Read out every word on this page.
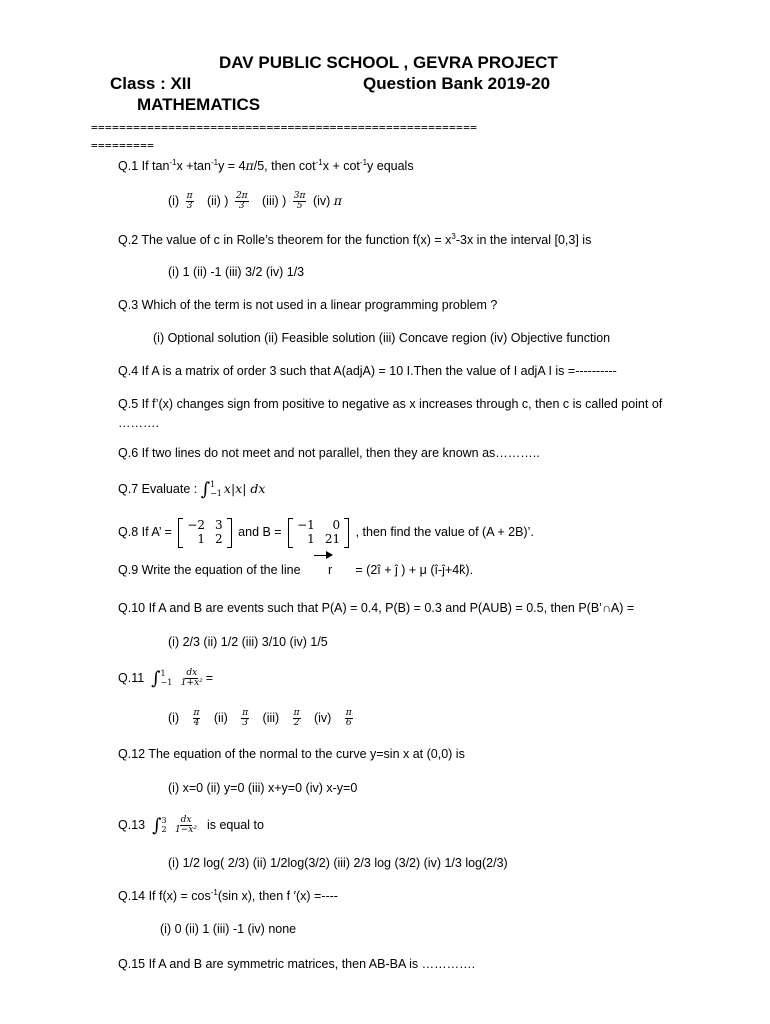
DAV PUBLIC SCHOOL , GEVRA PROJECT
Class : XII	Question Bank 2019-20
MATHEMATICS
=======================================================
=========
Q.1 If $\tan^{-1}x +\tan^{-1}y = 4\pi/5$, then $\cot^{-1}x + \cot^{-1}y$ equals
$(i) \frac{\pi}{3} (ii)$ ) $\frac{2\pi}{3} (iii)$ ) $\frac{3\pi}{5} (iv)$ π
Q.2 The value of c in Rolle’s theorem for the function $f(x) = x^3-3x$ in the interval [0,3] is
(i) 1 (ii) -1 (iii) 3/2 (iv) 1/3
Q.3 Which of the term is not used in a linear programming problem ?
(i) Optional solution (ii) Feasible solution (iii) Concave region (iv) Objective function
Q.4 If A is a matrix of order 3 such that A(adjA) = 10 I.Then the value of I adjA I is =----------
Q.5 If f’(x) changes sign from positive to negative as x increases through c, then c is called point of
……….
Q.6 If two lines do not meet and not parallel, then they are known as………..
Q.7 Evaluate : ∫ 1
−1 x|x| dx
Q.8 If A’ =
−2 3
1 2 and B =
−1	0
1 21 , then find the value of (A + 2B)’.
Q.9 Write the equation of the line r = (2î + ĵ ) + μ (î-ĵ+4k̂).
Q.10 If A and B are events such that P(A) = 0.4, P(B) = 0.3 and P(AUB) = 0.5, then P(B’∩A) =
(i) 2/3 (ii) 1/2 (iii) 3/10 (iv) 1/5
Q.11 ∫ 1
−1
$\frac{dx}{\text{1+x²}}$ =
$(i) \frac{\pi}{4} (ii) \frac{\pi}{3} (iii) \frac{\pi}{2} (iv) \frac{\pi}{6}$
Q.12 The equation of the normal to the curve y=sin x at (0,0) is
(i) x=0 (ii) y=0 (iii) x+y=0 (iv) x-y=0
Q.13 ∫ 3
2
$\frac{dx}{\text{1−x²}}$ is equal to
(i) 1/2 log( 2/3) (ii) 1/2log(3/2) (iii) 2/3 log (3/2) (iv) 1/3 log(2/3)
Q.14 If $f(x) = \cos^{-1}(\sin$ x), then f ′(x) =----
(i) 0 (ii) 1 (iii) -1 (iv) none
Q.15 If A and B are symmetric matrices, then AB-BA is ………….
